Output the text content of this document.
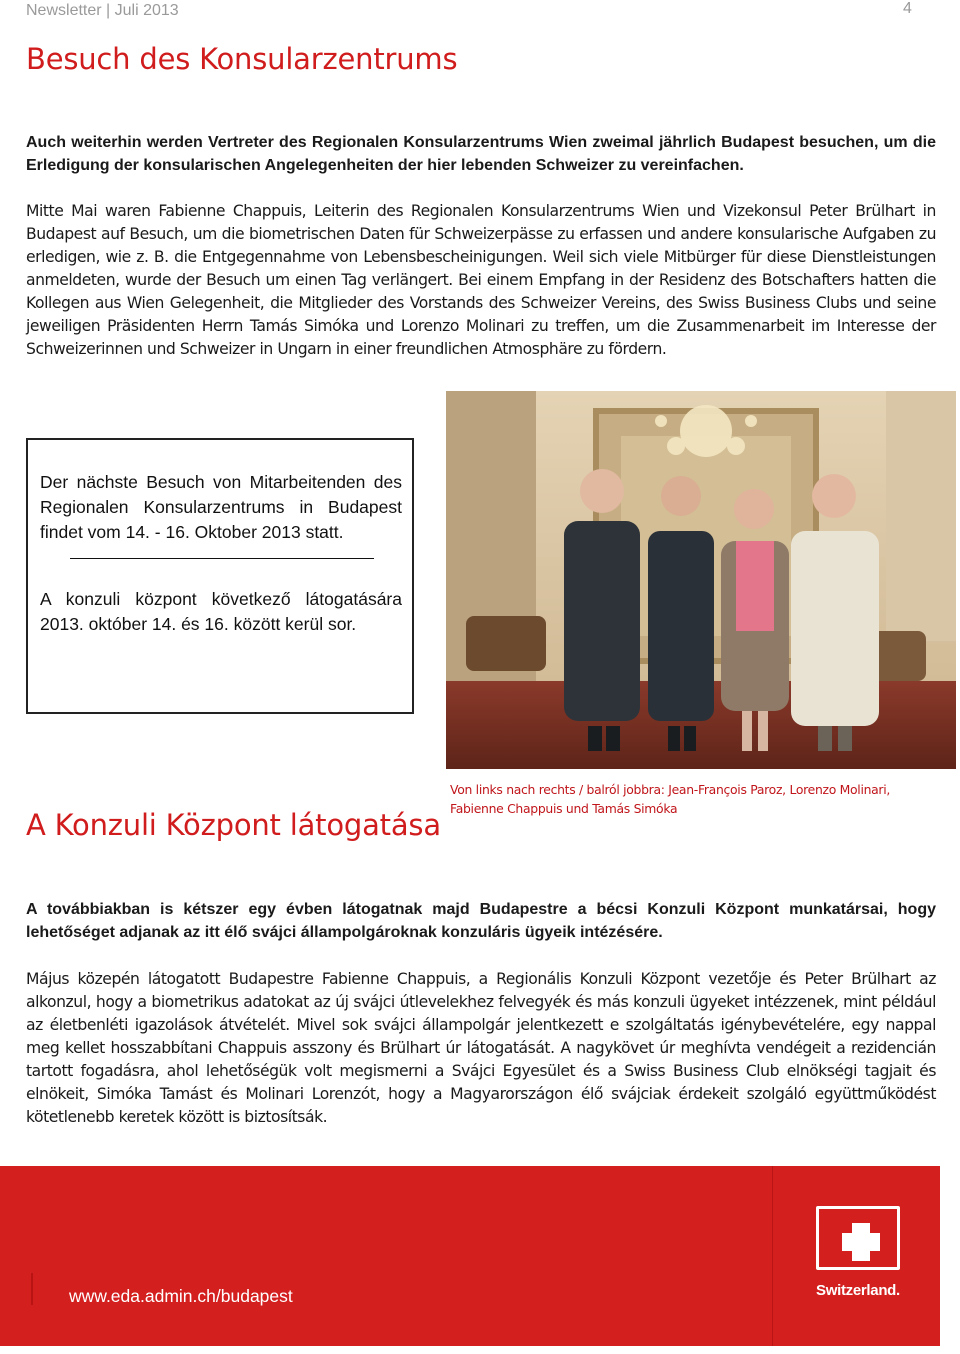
Newsletter | Juli 2013	4
Besuch des Konsularzentrums

Auch weiterhin werden Vertreter des Regionalen Konsularzentrums Wien zweimal jährlich Budapest besuchen, um die Erledigung der konsularischen Angelegenheiten der hier lebenden Schweizer zu vereinfachen.

Mitte Mai waren Fabienne Chappuis, Leiterin des Regionalen Konsularzentrums Wien und Vizekonsul Peter Brülhart in Budapest auf Besuch, um die biometrischen Daten für Schweizerpässe zu erfassen und andere konsularische Aufgaben zu erledigen, wie z. B. die Entgegennahme von Lebensbescheinigungen. Weil sich viele Mitbürger für diese Dienstleistungen anmeldeten, wurde der Besuch um einen Tag verlängert. Bei einem Empfang in der Residenz des Botschafters hatten die Kollegen aus Wien Gelegenheit, die Mitglieder des Vorstands des Schweizer Vereins, des Swiss Business Clubs und seine jeweiligen Präsidenten Herrn Tamás Simóka und Lorenzo Molinari zu treffen, um die Zusammenarbeit im Interesse der Schweizerinnen und Schweizer in Ungarn in einer freundlichen Atmosphäre zu fördern.

Der nächste Besuch von Mitarbeitenden des Regionalen Konsularzentrums in Budapest findet vom 14. - 16. Oktober 2013 statt.

A konzuli központ következő látogatására 2013. október 14. és 16. között kerül sor.

Von links nach rechts / balról jobbra: Jean-François Paroz, Lorenzo Molinari, Fabienne Chappuis und Tamás Simóka
A Konzuli Központ látogatása

A továbbiakban is kétszer egy évben látogatnak majd Budapestre a bécsi Konzuli Központ munkatársai, hogy lehetőséget adjanak az itt élő svájci állampolgároknak konzuláris ügyeik intézésére.

Május közepén látogatott Budapestre Fabienne Chappuis, a Regionális Konzuli Központ vezetője és Peter Brülhart az alkonzul, hogy a biometrikus adatokat az új svájci útlevelekhez felvegyék és más konzuli ügyeket intézzenek, mint például az életbenléti igazolások átvételét. Mivel sok svájci állampolgár jelentkezett e szolgáltatás igénybevételére, egy nappal meg kellet hosszabbítani Chappuis asszony és Brülhart úr látogatását. A nagykövet úr meghívta vendégeit a rezidencián tartott fogadásra, ahol lehetőségük volt megismerni a Svájci Egyesület és a Swiss Business Club elnökségi tagjait és elnökeit, Simóka Tamást és Molinari Lorenzót, hogy a Magyarországon élő svájciak érdekeit szolgáló együttműködést kötetlenebb keretek között is biztosítsák.

www.eda.admin.ch/budapest	Switzerland.
